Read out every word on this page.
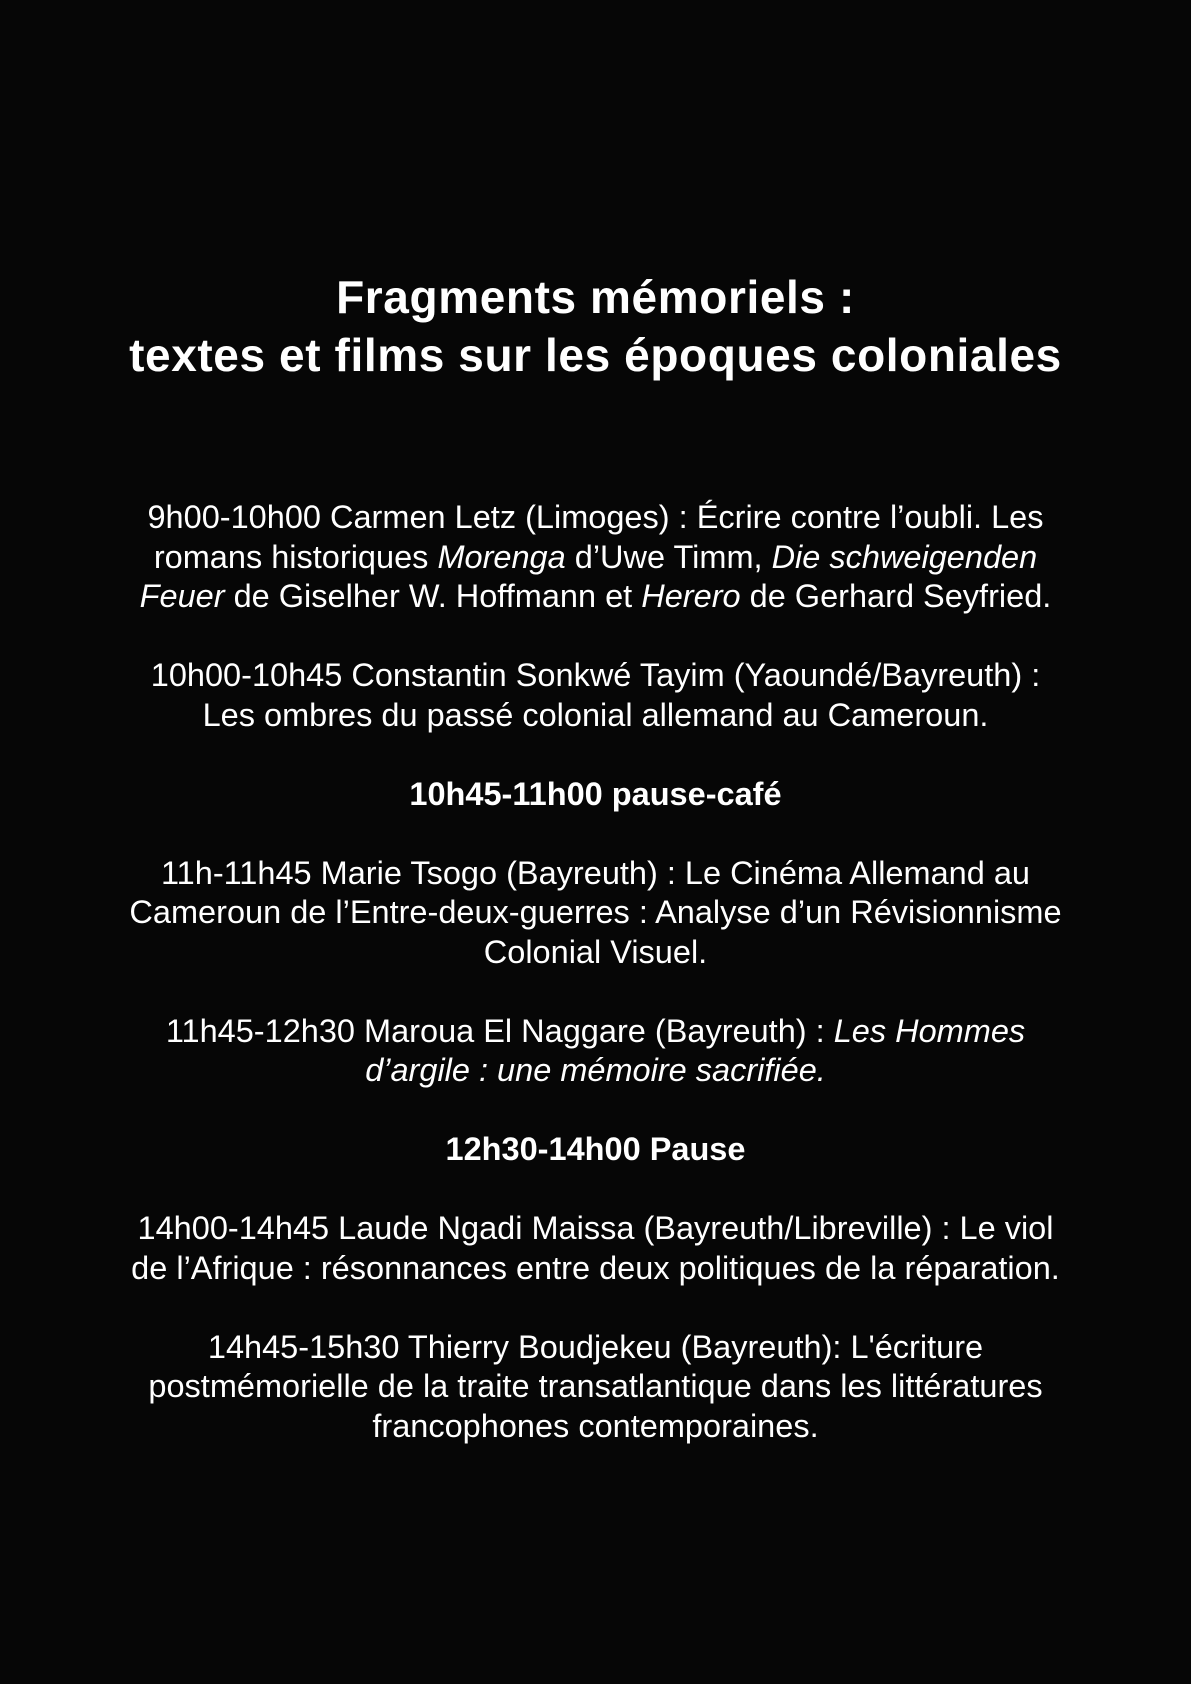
Fragments mémoriels :
textes et films sur les époques coloniales

9h00-10h00 Carmen Letz (Limoges) : Écrire contre l’oubli. Les
romans historiques Morenga d’Uwe Timm, Die schweigenden
Feuer de Giselher W. Hoffmann et Herero de Gerhard Seyfried.

10h00-10h45 Constantin Sonkwé Tayim (Yaoundé/Bayreuth) :
Les ombres du passé colonial allemand au Cameroun.

10h45-11h00 pause-café

11h-11h45 Marie Tsogo (Bayreuth) : Le Cinéma Allemand au
Cameroun de l’Entre-deux-guerres : Analyse d’un Révisionnisme
Colonial Visuel.

11h45-12h30 Maroua El Naggare (Bayreuth) : Les Hommes
d’argile : une mémoire sacrifiée.

12h30-14h00 Pause

14h00-14h45 Laude Ngadi Maissa (Bayreuth/Libreville) : Le viol
de l’Afrique : résonnances entre deux politiques de la réparation.

14h45-15h30 Thierry Boudjekeu (Bayreuth): L'écriture
postmémorielle de la traite transatlantique dans les littératures
francophones contemporaines.
